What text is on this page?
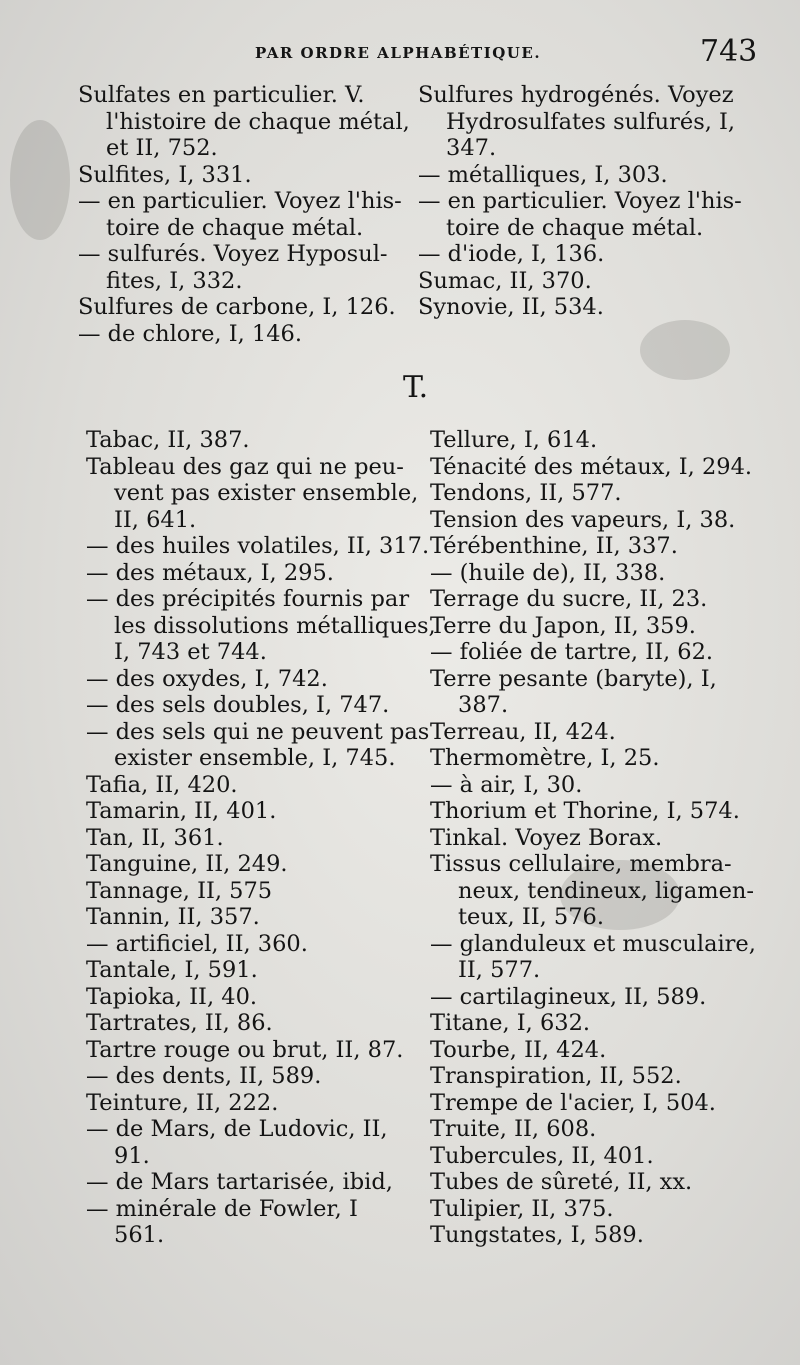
PAR ORDRE ALPHABÉTIQUE.	743
Sulfates en particulier. V.
l'histoire de chaque métal,
et II, 752.
Sulfites, I, 331.
— en particulier. Voyez l'his-
toire de chaque métal.
— sulfurés. Voyez Hyposul-
fites, I, 332.
Sulfures de carbone, I, 126.
— de chlore, I, 146.
Sulfures hydrogénés. Voyez
Hydrosulfates sulfurés, I,
347.
— métalliques, I, 303.
— en particulier. Voyez l'his-
toire de chaque métal.
— d'iode, I, 136.
Sumac, II, 370.
Synovie, II, 534.
T.
Tabac, II, 387.
Tableau des gaz qui ne peu-
vent pas exister ensemble,
II, 641.
— des huiles volatiles, II, 317.
— des métaux, I, 295.
— des précipités fournis par
les dissolutions métalliques,
I, 743 et 744.
— des oxydes, I, 742.
— des sels doubles, I, 747.
— des sels qui ne peuvent pas
exister ensemble, I, 745.
Tafia, II, 420.
Tamarin, II, 401.
Tan, II, 361.
Tanguine, II, 249.
Tannage, II, 575
Tannin, II, 357.
— artificiel, II, 360.
Tantale, I, 591.
Tapioka, II, 40.
Tartrates, II, 86.
Tartre rouge ou brut, II, 87.
— des dents, II, 589.
Teinture, II, 222.
— de Mars, de Ludovic, II,
91.
— de Mars tartarisée, ibid,
— minérale de Fowler, I
561.
Tellure, I, 614.
Ténacité des métaux, I, 294.
Tendons, II, 577.
Tension des vapeurs, I, 38.
Térébenthine, II, 337.
— (huile de), II, 338.
Terrage du sucre, II, 23.
Terre du Japon, II, 359.
— foliée de tartre, II, 62.
Terre pesante (baryte), I,
387.
Terreau, II, 424.
Thermomètre, I, 25.
— à air, I, 30.
Thorium et Thorine, I, 574.
Tinkal. Voyez Borax.
Tissus cellulaire, membra-
neux, tendineux, ligamen-
teux, II, 576.
— glanduleux et musculaire,
II, 577.
— cartilagineux, II, 589.
Titane, I, 632.
Tourbe, II, 424.
Transpiration, II, 552.
Trempe de l'acier, I, 504.
Truite, II, 608.
Tubercules, II, 401.
Tubes de sûreté, II, xx.
Tulipier, II, 375.
Tungstates, I, 589.
